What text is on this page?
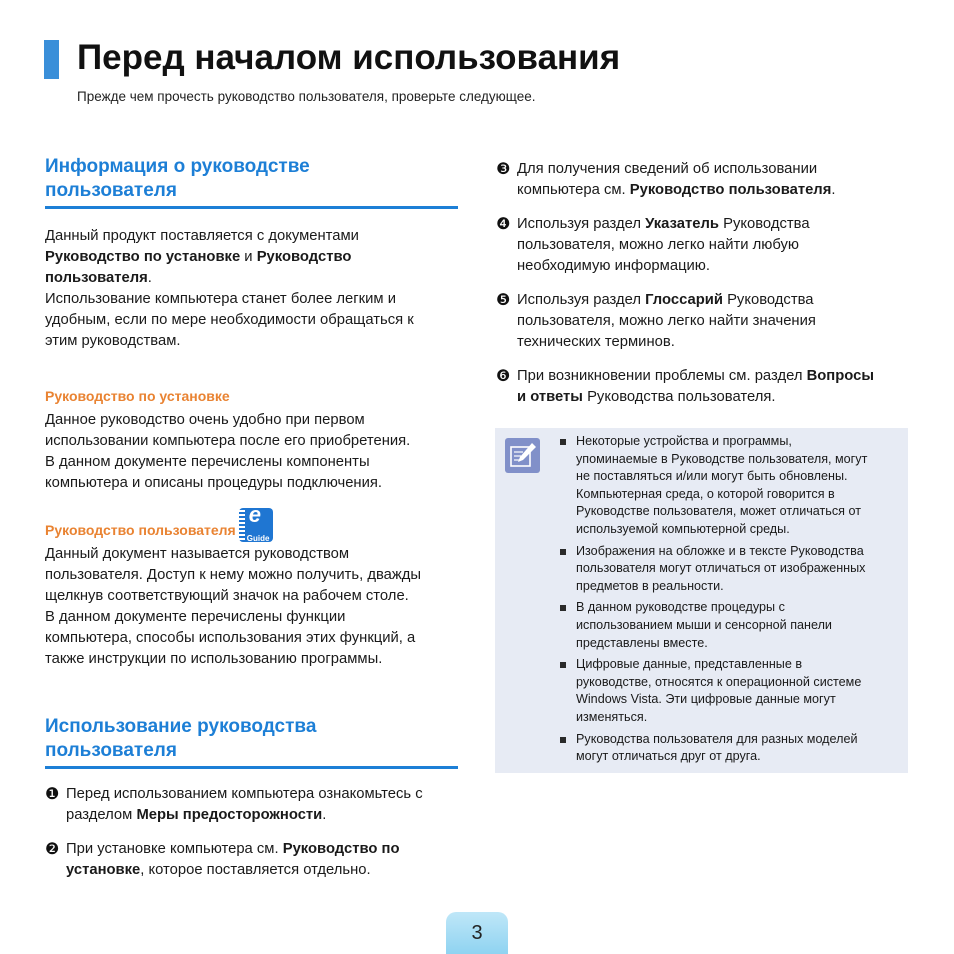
Перед началом использования
Прежде чем прочесть руководство пользователя, проверьте следующее.
Информация о руководстве
пользователя

Данный продукт поставляется с документами
Руководство по установке и Руководство
пользователя.
Использование компьютера станет более легким и
удобным, если по мере необходимости обращаться к
этим руководствам.

Руководство по установке

Данное руководство очень удобно при первом
использовании компьютера после его приобретения.
В данном документе перечислены компоненты
компьютера и описаны процедуры подключения.

Руководство пользователя
e
Guide

Данный документ называется руководством
пользователя. Доступ к нему можно получить, дважды
щелкнув соответствующий значок на рабочем столе.
В данном документе перечислены функции
компьютера, способы использования этих функций, а
также инструкции по использованию программы.

Использование руководства
пользователя
❶ Перед использованием компьютера ознакомьтесь с
разделом Меры предосторожности.
❷ При установке компьютера см. Руководство по
установке, которое поставляется отдельно.
❸ Для получения сведений об использовании
компьютера см. Руководство пользователя.
❹ Используя раздел Указатель Руководства
пользователя, можно легко найти любую
необходимую информацию.
❺ Используя раздел Глоссарий Руководства
пользователя, можно легко найти значения
технических терминов.
❻ При возникновении проблемы см. раздел Вопросы
и ответы Руководства пользователя.
Некоторые устройства и программы,
упоминаемые в Руководстве пользователя, могут
не поставляться и/или могут быть обновлены.
Компьютерная среда, о которой говорится в
Руководстве пользователя, может отличаться от
используемой компьютерной среды.
Изображения на обложке и в тексте Руководства
пользователя могут отличаться от изображенных
предметов в реальности.
В данном руководстве процедуры с
использованием мыши и сенсорной панели
представлены вместе.
Цифровые данные, представленные в
руководстве, относятся к операционной системе
Windows Vista. Эти цифровые данные могут
изменяться.
Руководства пользователя для разных моделей
могут отличаться друг от друга.
3
